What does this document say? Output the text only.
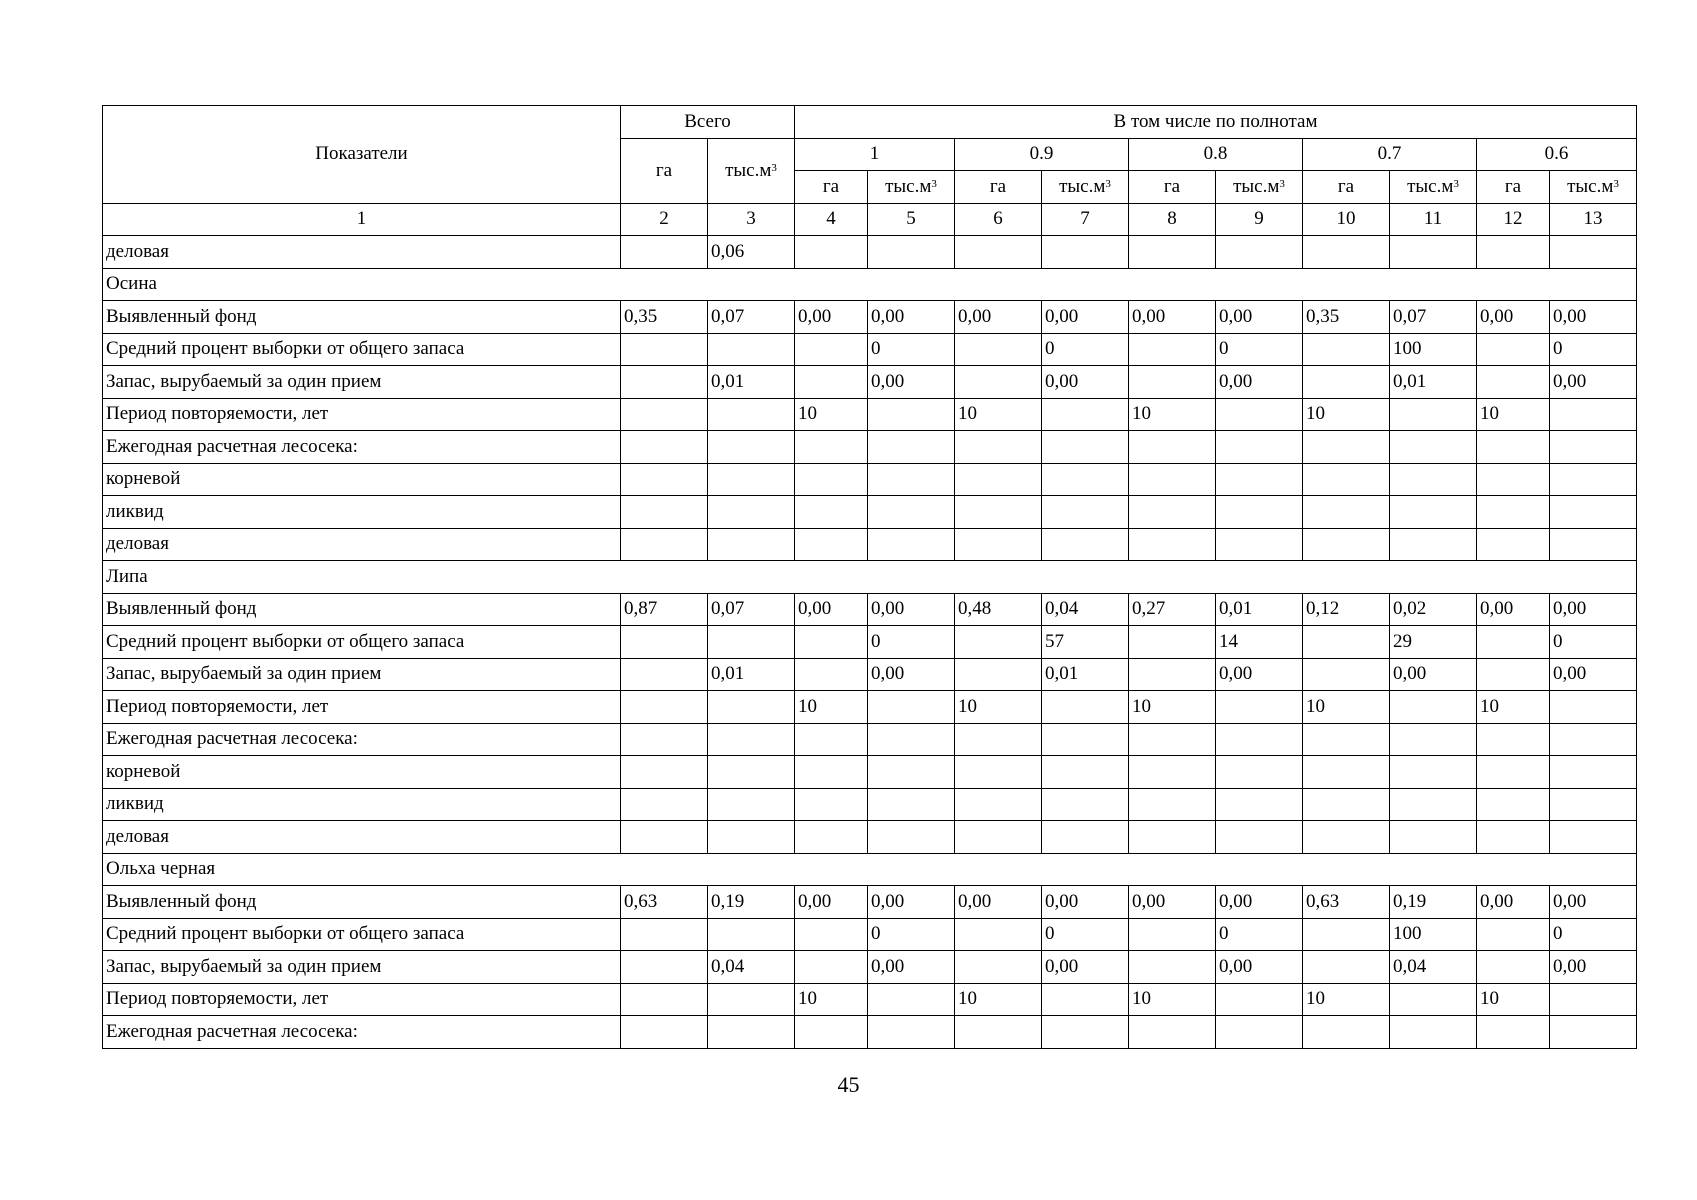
Показатели	Всего		В том числе по полнотам									
	га	$тыс.м^3$	1		0.9		0.8		0.7		0.6	
			га	$тыс.м^3$	га	$тыс.м^3$	га	$тыс.м^3$	га	$тыс.м^3$	га	$тыс.м^3$
1	2	3	4	5	6	7	8	9	10	11	12	13
деловая		0,06										
Осина												
Выявленный фонд	0,35	0,07	0,00	0,00	0,00	0,00	0,00	0,00	0,35	0,07	0,00	0,00
Средний процент выборки от общего запаса				0		0		0		100		0
Запас, вырубаемый за один прием		0,01		0,00		0,00		0,00		0,01		0,00
Период повторяемости, лет			10		10		10		10		10	
Ежегодная расчетная лесосека:												
корневой												
ликвид												
деловая												
Липа												
Выявленный фонд	0,87	0,07	0,00	0,00	0,48	0,04	0,27	0,01	0,12	0,02	0,00	0,00
Средний процент выборки от общего запаса				0		57		14		29		0
Запас, вырубаемый за один прием		0,01		0,00		0,01		0,00		0,00		0,00
Период повторяемости, лет			10		10		10		10		10	
Ежегодная расчетная лесосека:												
корневой												
ликвид												
деловая												
Ольха черная												
Выявленный фонд	0,63	0,19	0,00	0,00	0,00	0,00	0,00	0,00	0,63	0,19	0,00	0,00
Средний процент выборки от общего запаса				0		0		0		100		0
Запас, вырубаемый за один прием		0,04		0,00		0,00		0,00		0,04		0,00
Период повторяемости, лет			10		10		10		10		10	
Ежегодная расчетная лесосека:												
45
